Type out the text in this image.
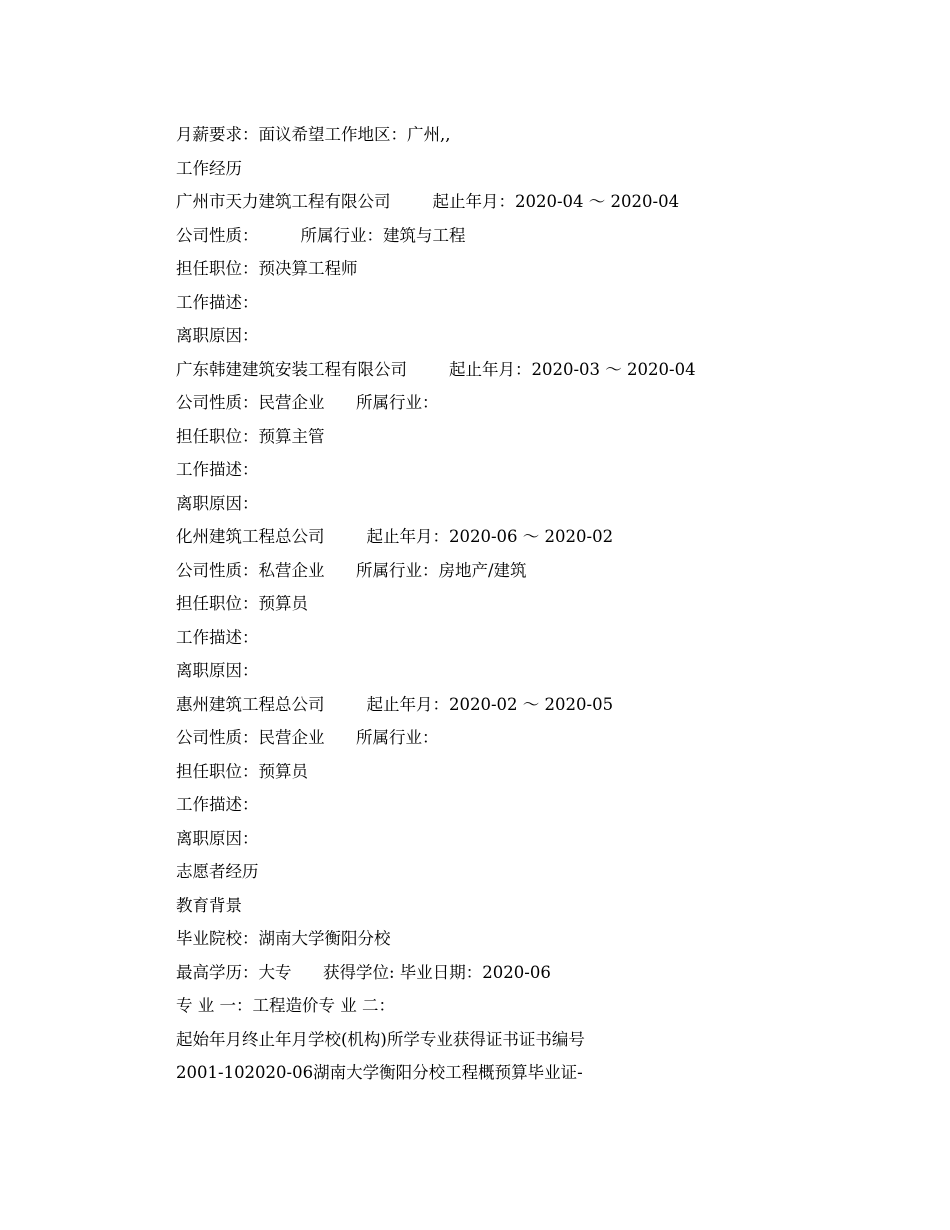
月薪要求：面议希望工作地区：广州,,
工作经历
广州市天力建筑工程有限公司        起止年月：2020-04 ～ 2020-04
公司性质：        所属行业：建筑与工程
担任职位：预决算工程师
工作描述：
离职原因：
广东韩建建筑安装工程有限公司        起止年月：2020-03 ～ 2020-04
公司性质：民营企业      所属行业：
担任职位：预算主管
工作描述：
离职原因：
化州建筑工程总公司        起止年月：2020-06 ～ 2020-02
公司性质：私营企业      所属行业：房地产/建筑
担任职位：预算员
工作描述：
离职原因：
惠州建筑工程总公司        起止年月：2020-02 ～ 2020-05
公司性质：民营企业      所属行业：
担任职位：预算员
工作描述：
离职原因：
志愿者经历
教育背景
毕业院校：湖南大学衡阳分校
最高学历：大专      获得学位: 毕业日期：2020-06
专 业 一：工程造价专 业 二：
起始年月终止年月学校(机构)所学专业获得证书证书编号
2001-102020-06湖南大学衡阳分校工程概预算毕业证-
